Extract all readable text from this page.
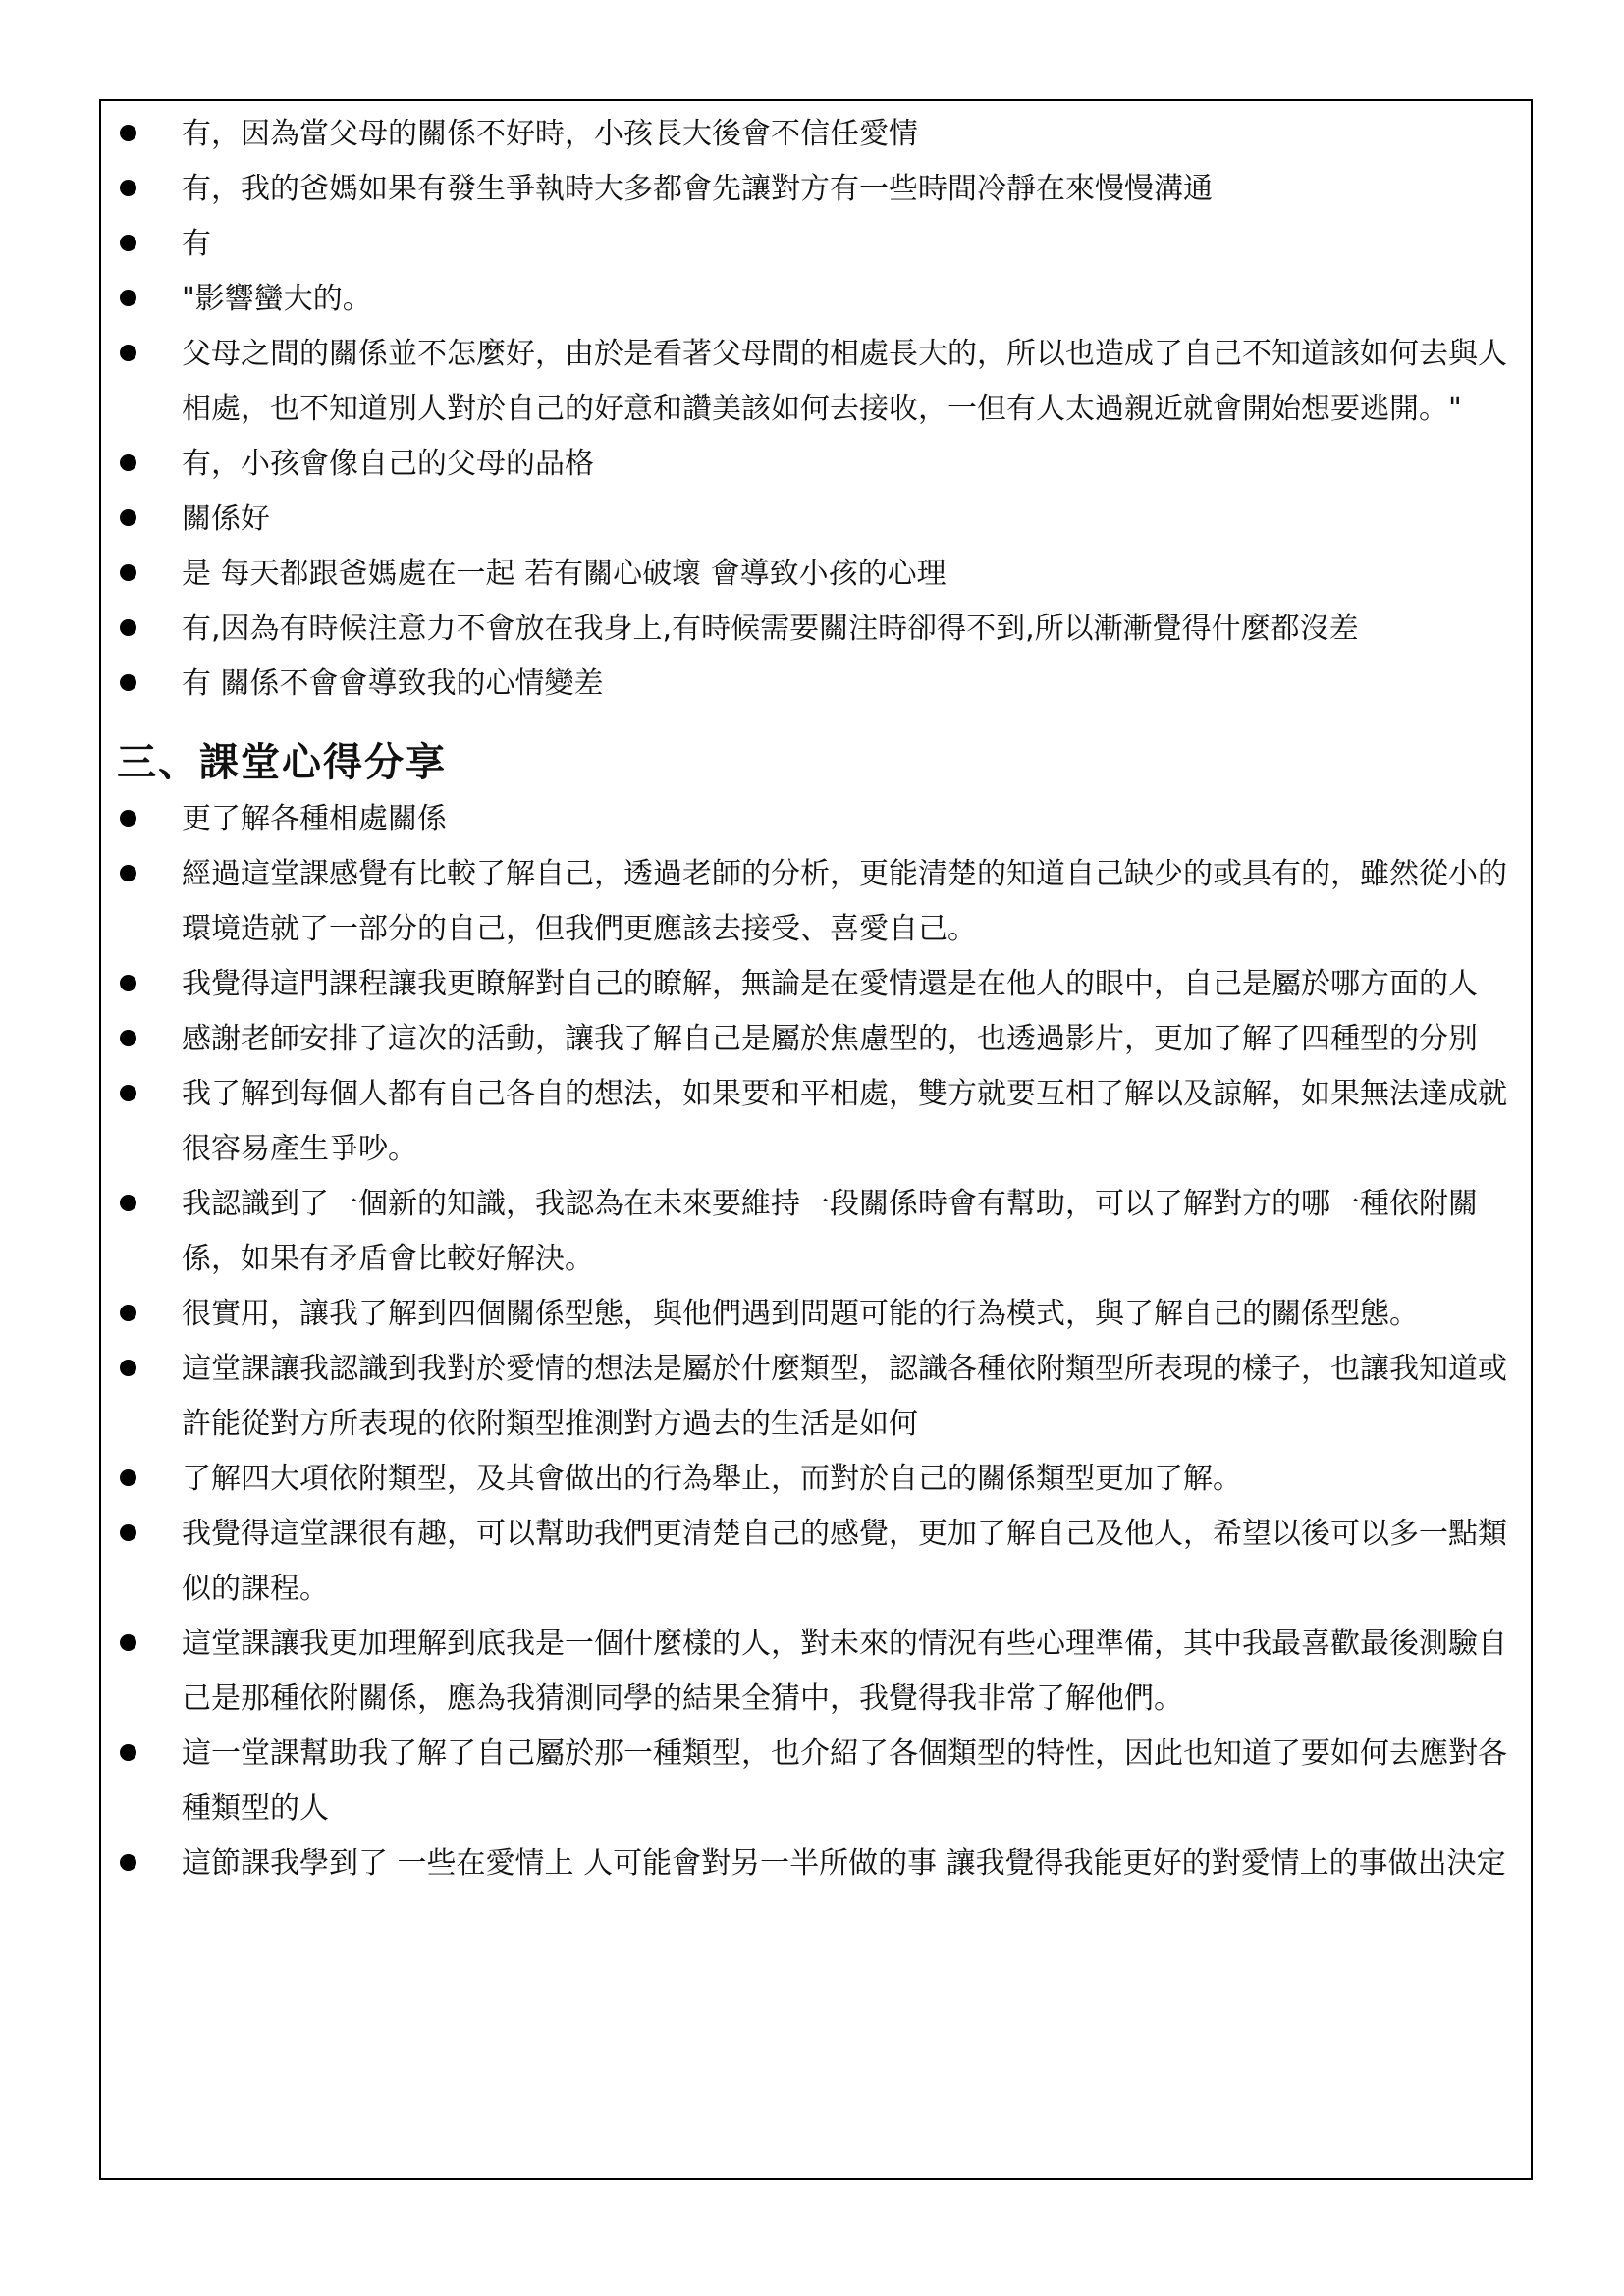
有，因為當父母的關係不好時，小孩長大後會不信任愛情
有，我的爸媽如果有發生爭執時大多都會先讓對方有一些時間冷靜在來慢慢溝通
有
"影響蠻大的。
父母之間的關係並不怎麼好，由於是看著父母間的相處長大的，所以也造成了自己不知道該如何去與人相處，也不知道別人對於自己的好意和讚美該如何去接收，一但有人太過親近就會開始想要逃開。"
有，小孩會像自己的父母的品格
關係好
是 每天都跟爸媽處在一起 若有關心破壞 會導致小孩的心理
有,因為有時候注意力不會放在我身上,有時候需要關注時卻得不到,所以漸漸覺得什麼都沒差
有 關係不會會導致我的心情變差
三、課堂心得分享
更了解各種相處關係
經過這堂課感覺有比較了解自己，透過老師的分析，更能清楚的知道自己缺少的或具有的，雖然從小的環境造就了一部分的自己，但我們更應該去接受、喜愛自己。
我覺得這門課程讓我更瞭解對自己的瞭解，無論是在愛情還是在他人的眼中，自己是屬於哪方面的人
感謝老師安排了這次的活動，讓我了解自己是屬於焦慮型的，也透過影片，更加了解了四種型的分別
我了解到每個人都有自己各自的想法，如果要和平相處，雙方就要互相了解以及諒解，如果無法達成就很容易產生爭吵。
我認識到了一個新的知識，我認為在未來要維持一段關係時會有幫助，可以了解對方的哪一種依附關係，如果有矛盾會比較好解決。
很實用，讓我了解到四個關係型態，與他們遇到問題可能的行為模式，與了解自己的關係型態。
這堂課讓我認識到我對於愛情的想法是屬於什麼類型，認識各種依附類型所表現的樣子，也讓我知道或許能從對方所表現的依附類型推測對方過去的生活是如何
了解四大項依附類型，及其會做出的行為舉止，而對於自己的關係類型更加了解。
我覺得這堂課很有趣，可以幫助我們更清楚自己的感覺，更加了解自己及他人，希望以後可以多一點類似的課程。
這堂課讓我更加理解到底我是一個什麼樣的人，對未來的情況有些心理準備，其中我最喜歡最後測驗自己是那種依附關係，應為我猜測同學的結果全猜中，我覺得我非常了解他們。
這一堂課幫助我了解了自己屬於那一種類型，也介紹了各個類型的特性，因此也知道了要如何去應對各種類型的人
這節課我學到了 一些在愛情上 人可能會對另一半所做的事 讓我覺得我能更好的對愛情上的事做出決定
